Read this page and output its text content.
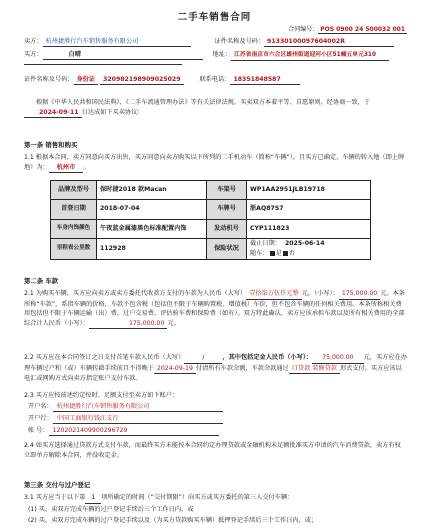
二手车销售合同
合同编号： POS 0900 24 500032 001
卖方： 杭州捷胜行汽车销售服务有限公司	证件名称及号码： 91330100097604002R
买方：	白晴	地址： 江苏省南京市六合区雄州街道迎河小区51幢五单元310
证件名称及号码： 身份证 320982198909025029	联系电话： 18351848587
根据《中华人民共和国民法典》、《二手车流通管理办法》等有关法律法规，买卖双方本着平等、自愿原则，经协商一致，于2024-09-11 日达成如下买卖协议：
第一条 销售和购买
1.1 根据本合同，卖方同意向买方出售，买方同意向卖方购买以下所列的二手机动车（简称“车辆”）。且买方已确定，车辆的转入地（即上牌地）为： 杭州市 。
品牌及型号	保时捷2018 款Macan	车架号	WP1AA2951JLB19718
首登日期	2018-07-04	车牌号	浙AQ87S7
车身内饰颜色	午夜蓝金属漆黑色标准配置内饰	发动机号	CYP111823
里程表公里数	112928	保险状况	截止日期： 2025-06-14
随车： 是 否
第二条 车款
2.1 为购买车辆，买方应向卖方或卖方委托代收款方支付的车款为人民币（大写） 壹拾柒万伍仟元整 元，（小写）： 175,000.00 元。本条所称“车款”，系指车辆的价格，车款不包含税（包括但不限于车辆购置税、增值税）车价，但不包含车辆的任何相关费用。本条所称相关费用包括但不限于车辆运输（出）费、过户交易费、评估验车费和保险费（如有）。双方特此确认，卖方应该承担车款以及所有相关费用的全部综合计人民币（小写）：	175,000.00 元。
2.2 买方应在本合同签订之日支付首笔车款人民币（大写）	/	，其中包括定金人民币（小写）： 75,000.00 元，买方应在办理车辆过户和（或）车辆转籍手续前且不得晚于 2024-09-19 付清所有车款余额，车款余款通过 口贷款 装修贷款 形式支付。买方应该以电汇或网购方式向卖方指定账户支付车款。
2.3 买方应按前述约定按时、足额支付至卖方如下账户：
开户名： 杭州捷胜行汽车销售服务有限公司
开户行： 中国工商银行钱江支行
帐 号： 1202021409900296729
2.4 如买方选择通过贷款方式支付车款，而最终买方未能按本合同约定办理贷款或金融机构未足额批准买方申请的汽车消费贷款，卖方有权立即单方解除本合同，并没收定金。
第三条 交付与过户登记
3.1 买方应当于以下第 1 项所确定的时间（“交付期限”）向买方或买方委托的第三人交付车辆：
(1) 买、卖双方完成车辆的过户登记手续后三个工作日内，或
(2) 买、卖双方完成车辆的过户登记手续以及（为买方贷款购买车辆）抵押登记手续后三个工作日内，或；
